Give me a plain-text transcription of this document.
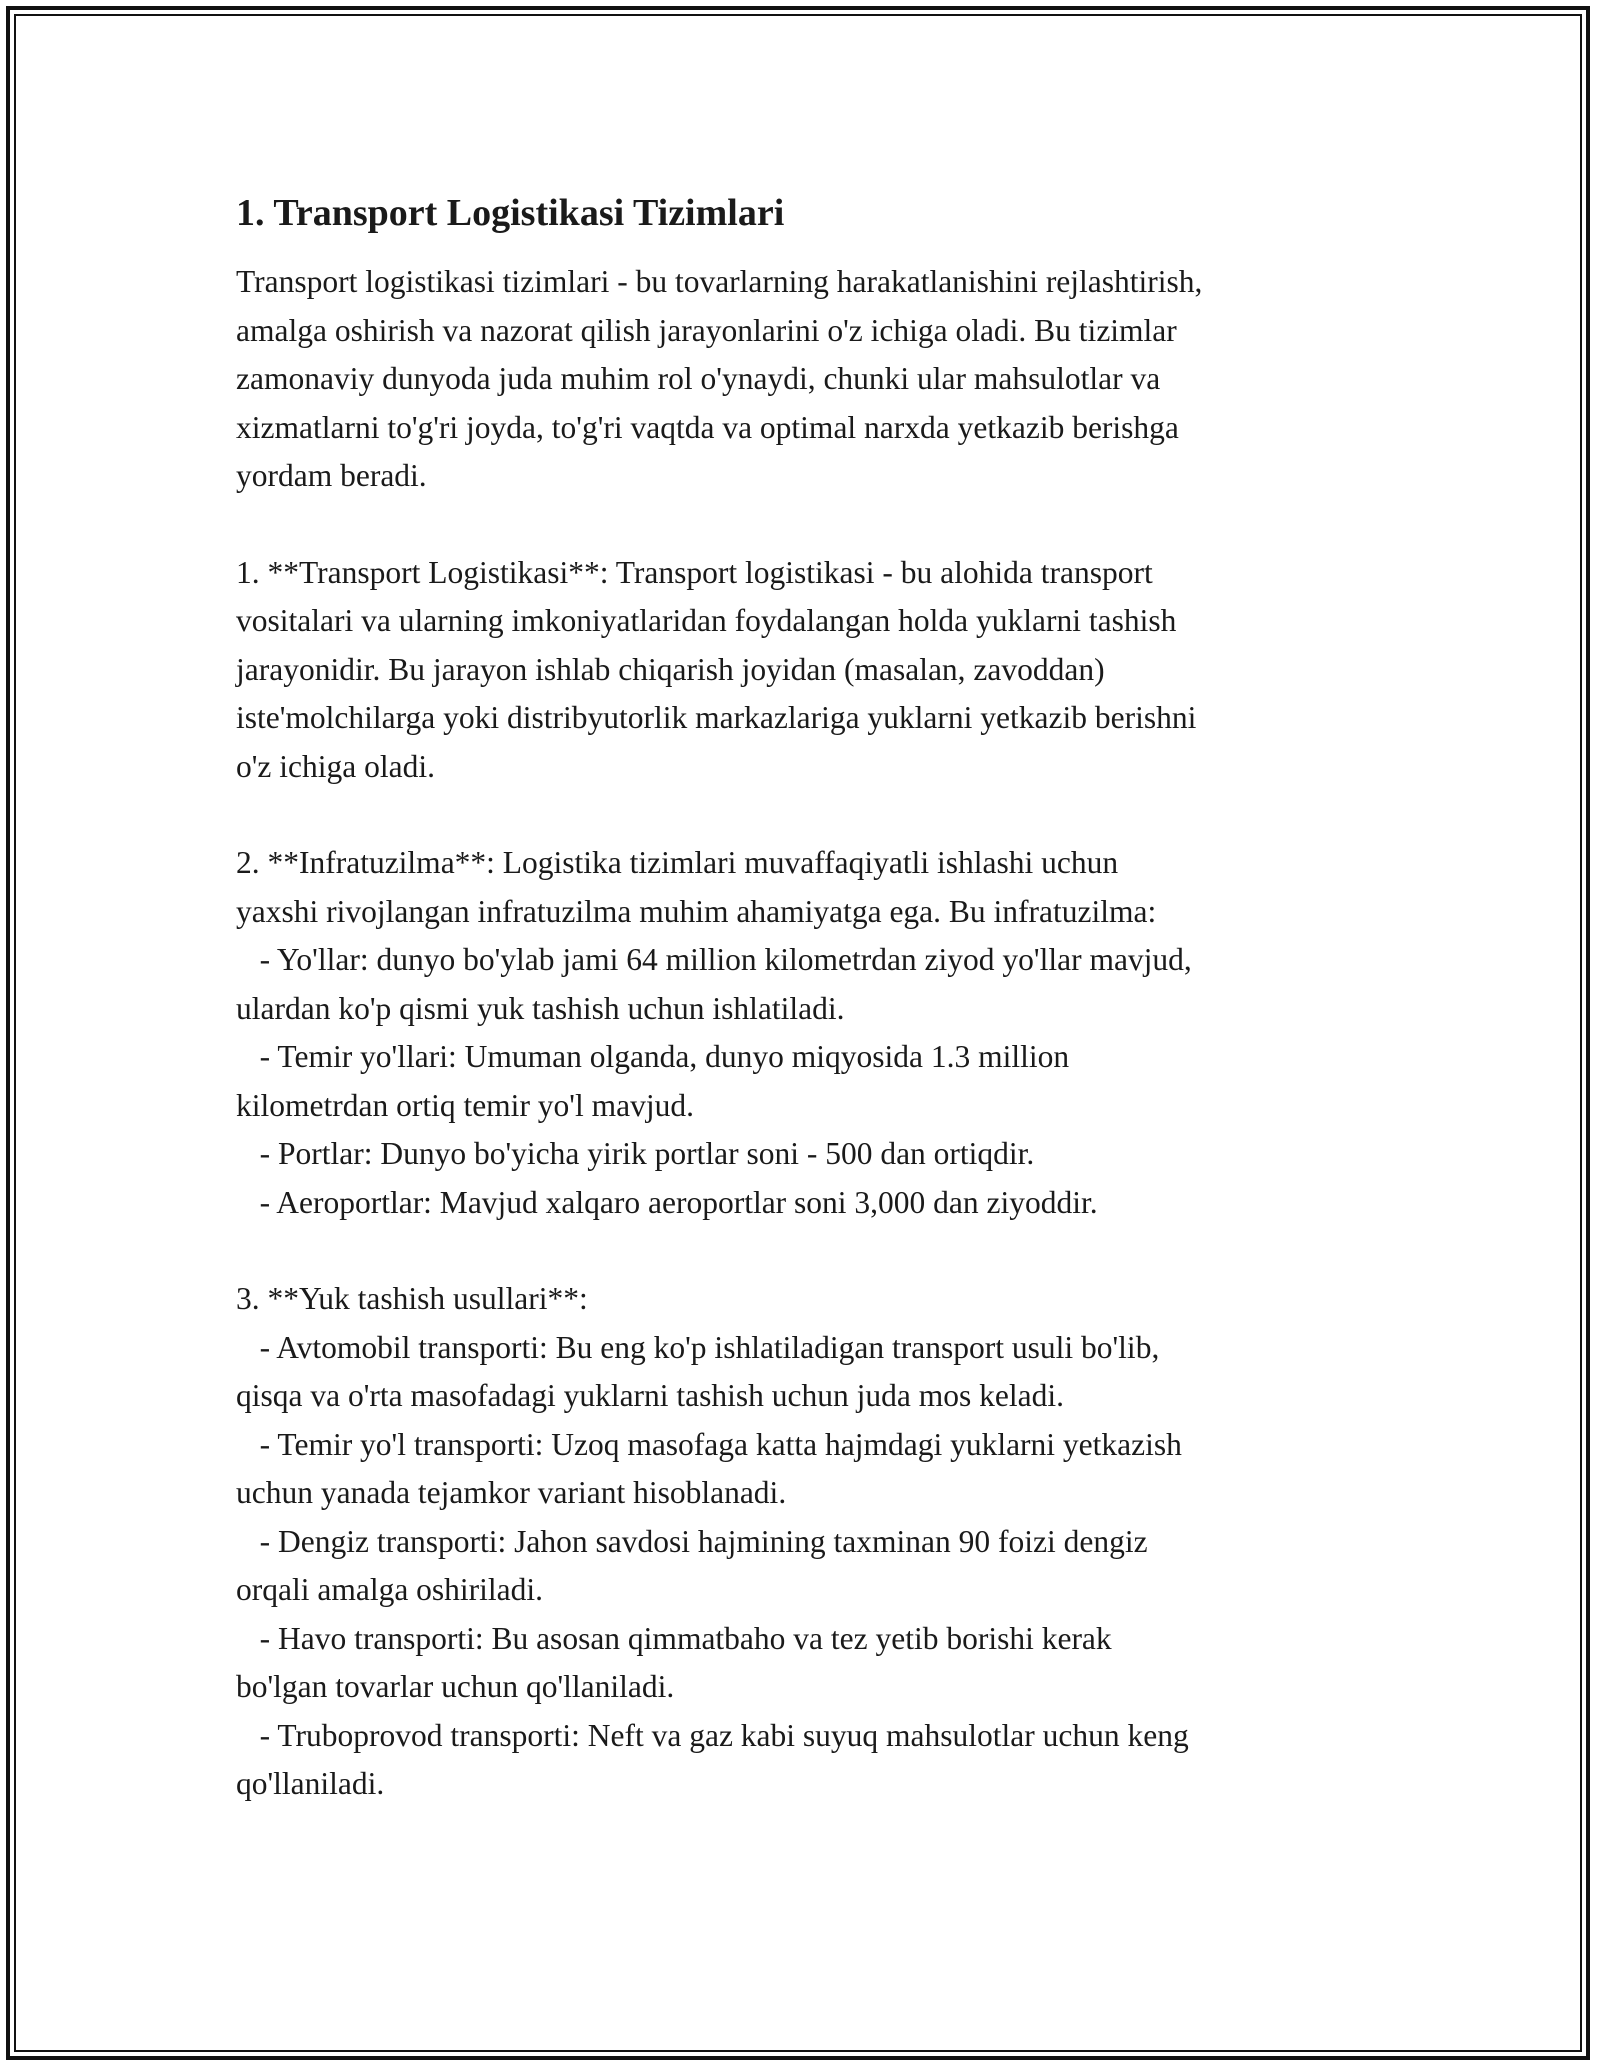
1. Transport Logistikasi Tizimlari
Transport logistikasi tizimlari - bu tovarlarning harakatlanishini rejlashtirish,
amalga oshirish va nazorat qilish jarayonlarini o'z ichiga oladi. Bu tizimlar
zamonaviy dunyoda juda muhim rol o'ynaydi, chunki ular mahsulotlar va
xizmatlarni to'g'ri joyda, to'g'ri vaqtda va optimal narxda yetkazib berishga
yordam beradi.
1. **Transport Logistikasi**: Transport logistikasi - bu alohida transport
vositalari va ularning imkoniyatlaridan foydalangan holda yuklarni tashish
jarayonidir. Bu jarayon ishlab chiqarish joyidan (masalan, zavoddan)
iste'molchilarga yoki distribyutorlik markazlariga yuklarni yetkazib berishni
o'z ichiga oladi.
2. **Infratuzilma**: Logistika tizimlari muvaffaqiyatli ishlashi uchun
yaxshi rivojlangan infratuzilma muhim ahamiyatga ega. Bu infratuzilma:
- Yo'llar: dunyo bo'ylab jami 64 million kilometrdan ziyod yo'llar mavjud,
ulardan ko'p qismi yuk tashish uchun ishlatiladi.
- Temir yo'llari: Umuman olganda, dunyo miqyosida 1.3 million
kilometrdan ortiq temir yo'l mavjud.
- Portlar: Dunyo bo'yicha yirik portlar soni - 500 dan ortiqdir.
- Aeroportlar: Mavjud xalqaro aeroportlar soni 3,000 dan ziyoddir.
3. **Yuk tashish usullari**:
- Avtomobil transporti: Bu eng ko'p ishlatiladigan transport usuli bo'lib,
qisqa va o'rta masofadagi yuklarni tashish uchun juda mos keladi.
- Temir yo'l transporti: Uzoq masofaga katta hajmdagi yuklarni yetkazish
uchun yanada tejamkor variant hisoblanadi.
- Dengiz transporti: Jahon savdosi hajmining taxminan 90 foizi dengiz
orqali amalga oshiriladi.
- Havo transporti: Bu asosan qimmatbaho va tez yetib borishi kerak
bo'lgan tovarlar uchun qo'llaniladi.
- Truboprovod transporti: Neft va gaz kabi suyuq mahsulotlar uchun keng
qo'llaniladi.
